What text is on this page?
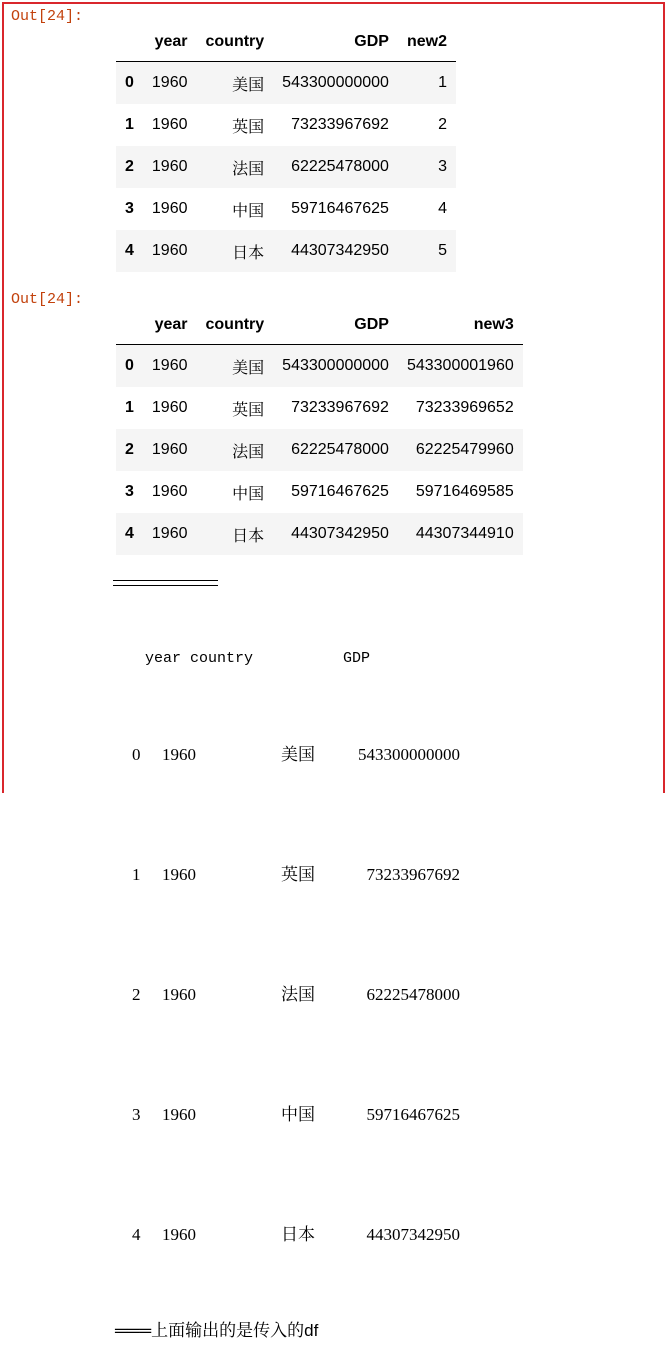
Out[24]:
	year	country	GDP	new2
0	1960	美国	543300000000	1
1	1960	英国	73233967692	2
2	1960	法国	62225478000	3
3	1960	中国	59716467625	4
4	1960	日本	44307342950	5
Out[24]:
	year	country	GDP	new3
0	1960	美国	543300000000	543300001960
1	1960	英国	73233967692	73233969652
2	1960	法国	62225478000	62225479960
3	1960	中国	59716467625	59716469585
4	1960	日本	44307342950	44307344910

year country          GDP

0 1960	美国	543300000000

1 1960	英国	73233967692

2 1960	法国	62225478000

3 1960	中国	59716467625

4 1960	日本	44307342950

═══上面输出的是传入的df
